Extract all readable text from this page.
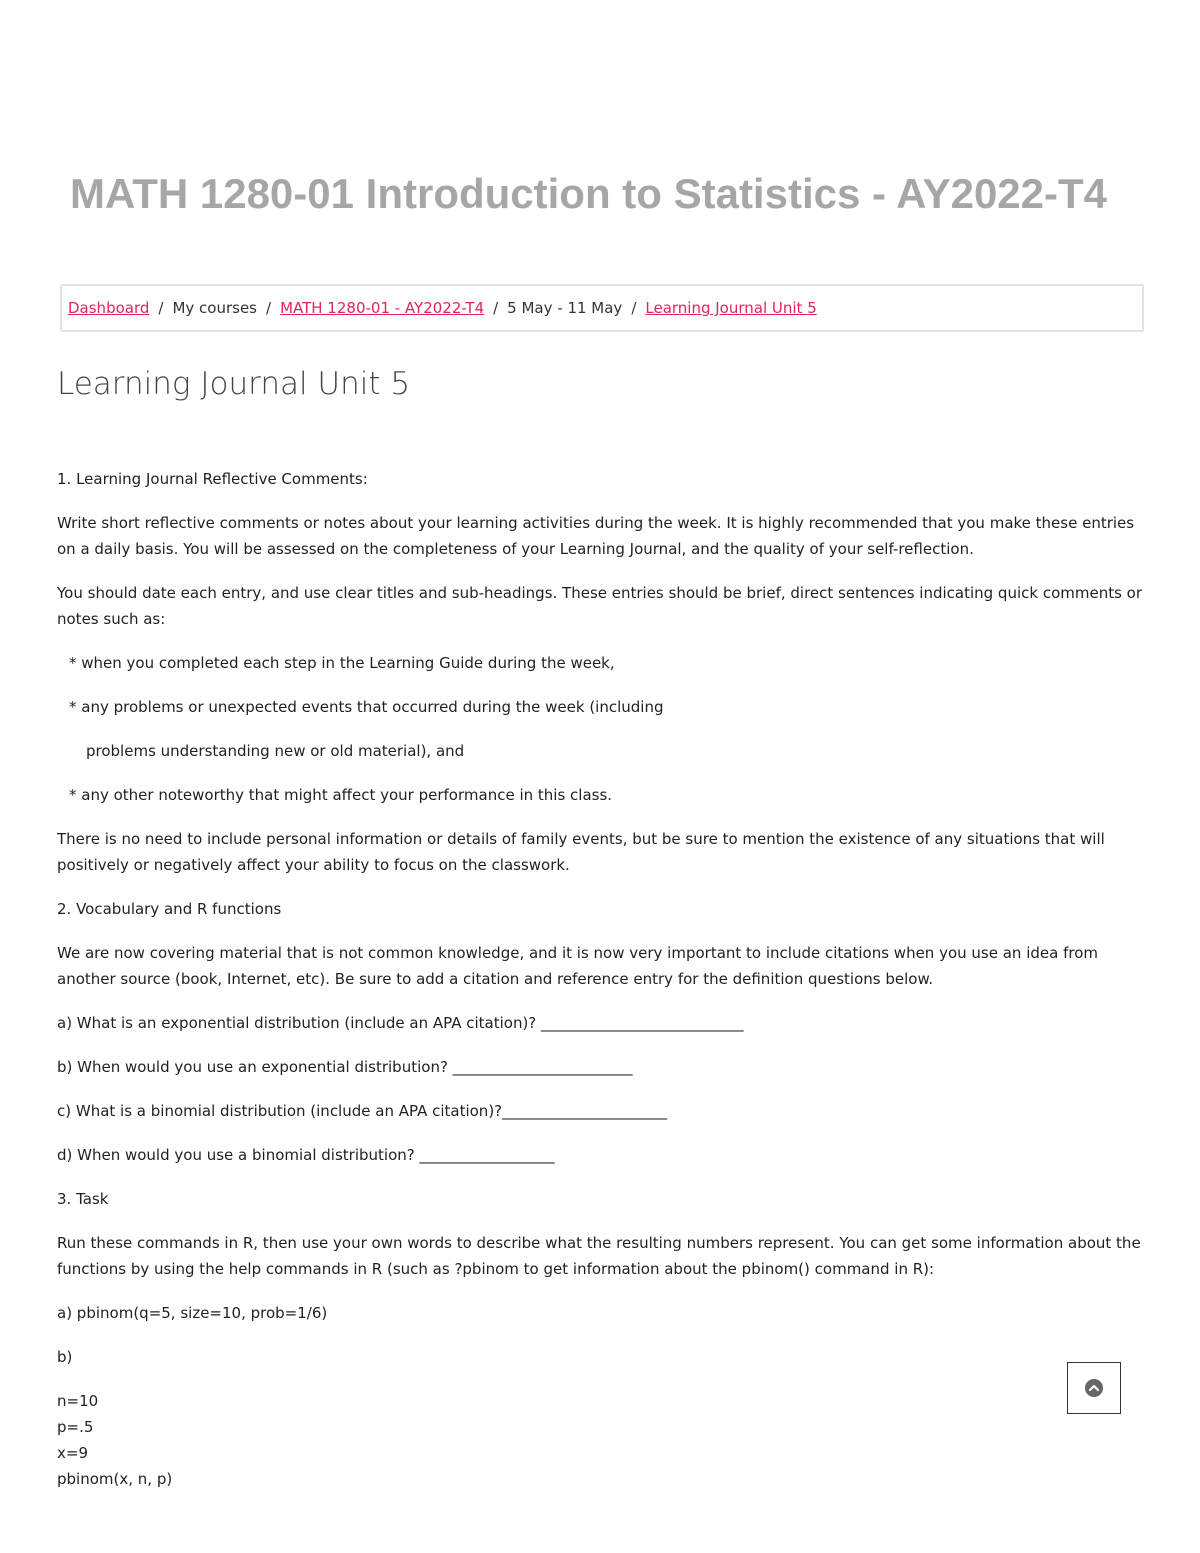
MATH 1280-01 Introduction to Statistics - AY2022-T4
Dashboard / My courses / MATH 1280-01 - AY2022-T4 / 5 May - 11 May / Learning Journal Unit 5
Learning Journal Unit 5

1. Learning Journal Reflective Comments:

Write short reflective comments or notes about your learning activities during the week. It is highly recommended that you make these entries on a daily basis. You will be assessed on the completeness of your Learning Journal, and the quality of your self-reflection.

You should date each entry, and use clear titles and sub-headings. These entries should be brief, direct sentences indicating quick comments or notes such as:

* when you completed each step in the Learning Guide during the week,

* any problems or unexpected events that occurred during the week (including

problems understanding new or old material), and

* any other noteworthy that might affect your performance in this class.

There is no need to include personal information or details of family events, but be sure to mention the existence of any situations that will positively or negatively affect your ability to focus on the classwork.

2. Vocabulary and R functions

We are now covering material that is not common knowledge, and it is now very important to include citations when you use an idea from another source (book, Internet, etc). Be sure to add a citation and reference entry for the definition questions below.

a) What is an exponential distribution (include an APA citation)? ___________________________

b) When would you use an exponential distribution? ________________________

c) What is a binomial distribution (include an APA citation)?______________________

d) When would you use a binomial distribution? __________________

3. Task

Run these commands in R, then use your own words to describe what the resulting numbers represent. You can get some information about the functions by using the help commands in R (such as ?pbinom to get information about the pbinom() command in R):

a) pbinom(q=5, size=10, prob=1/6)

b)

n=10

p=.5

x=9

pbinom(x, n, p)
